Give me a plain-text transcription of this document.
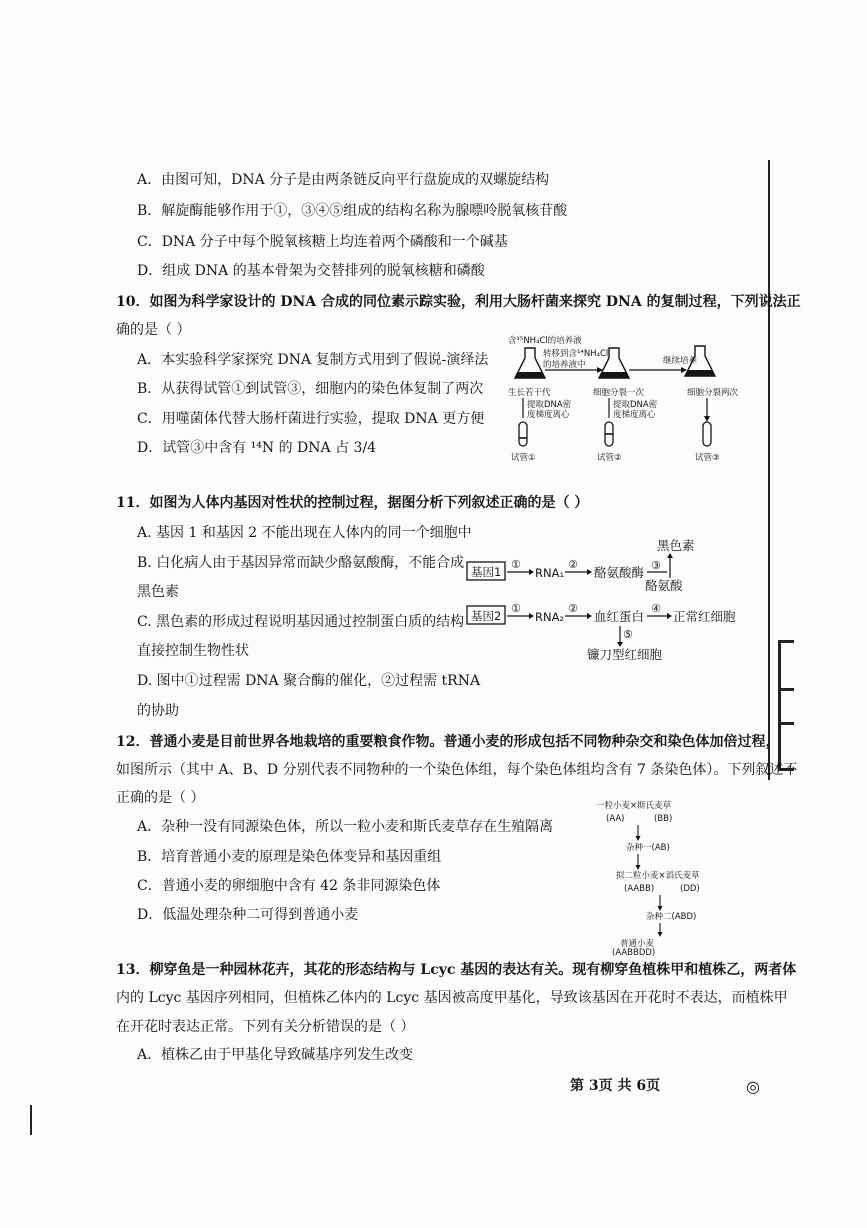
A．由图可知，DNA 分子是由两条链反向平行盘旋成的双螺旋结构
B．解旋酶能够作用于①，③④⑤组成的结构名称为腺嘌呤脱氧核苷酸
C．DNA 分子中每个脱氧核糖上均连着两个磷酸和一个碱基
D．组成 DNA 的基本骨架为交替排列的脱氧核糖和磷酸
10．如图为科学家设计的 DNA 合成的同位素示踪实验，利用大肠杆菌来探究 DNA 的复制过程，下列说法正
确的是（ ）
A．本实验科学家探究 DNA 复制方式用到了假说-演绎法
B．从获得试管①到试管③，细胞内的染色体复制了两次
C．用噬菌体代替大肠杆菌进行实验，提取 DNA 更方便
D．试管③中含有 ¹⁴N 的 DNA 占 3/4
含¹⁵NH₄Cl的培养液
转移到含¹⁴NH₄Cl
的培养液中	继续培养
生长若干代	细胞分裂一次	细胞分裂两次
提取DNA密
度梯度离心
提取DNA密
度梯度离心
试管①	试管②	试管③
11．如图为人体内基因对性状的控制过程，据图分析下列叙述正确的是（ ）
A. 基因 1 和基因 2 不能出现在人体内的同一个细胞中
B. 白化病人由于基因异常而缺少酪氨酸酶，不能合成
黑色素
C. 黑色素的形成过程说明基因通过控制蛋白质的结构
直接控制生物性状
D. 图中①过程需 DNA 聚合酶的催化，②过程需 tRNA
的协助
基因1
①
RNA₁
②
酪氨酸酶
黑色素
③
酪氨酸
基因2
①
RNA₂
②
血红蛋白
④
正常红细胞
⑤
镰刀型红细胞
12．普通小麦是目前世界各地栽培的重要粮食作物。普通小麦的形成包括不同物种杂交和染色体加倍过程，
如图所示（其中 A、B、D 分别代表不同物种的一个染色体组，每个染色体组均含有 7 条染色体）。下列叙述不
正确的是（ ）
A．杂种一没有同源染色体，所以一粒小麦和斯氏麦草存在生殖隔离
B．培育普通小麦的原理是染色体变异和基因重组
C．普通小麦的卵细胞中含有 42 条非同源染色体
D．低温处理杂种二可得到普通小麦
一粒小麦×斯氏麦草
(AA)	(BB)
杂种一(AB)
拟二粒小麦×滔氏麦草
(AABB)	(DD)
杂种二(ABD)
普通小麦
(AABBDD)
13．柳穿鱼是一种园林花卉，其花的形态结构与 Lcyc 基因的表达有关。现有柳穿鱼植株甲和植株乙，两者体
内的 Lcyc 基因序列相同，但植株乙体内的 Lcyc 基因被高度甲基化，导致该基因在开花时不表达，而植株甲
在开花时表达正常。下列有关分析错误的是（ ）
A．植株乙由于甲基化导致碱基序列发生改变
第 3页 共 6页	◎
